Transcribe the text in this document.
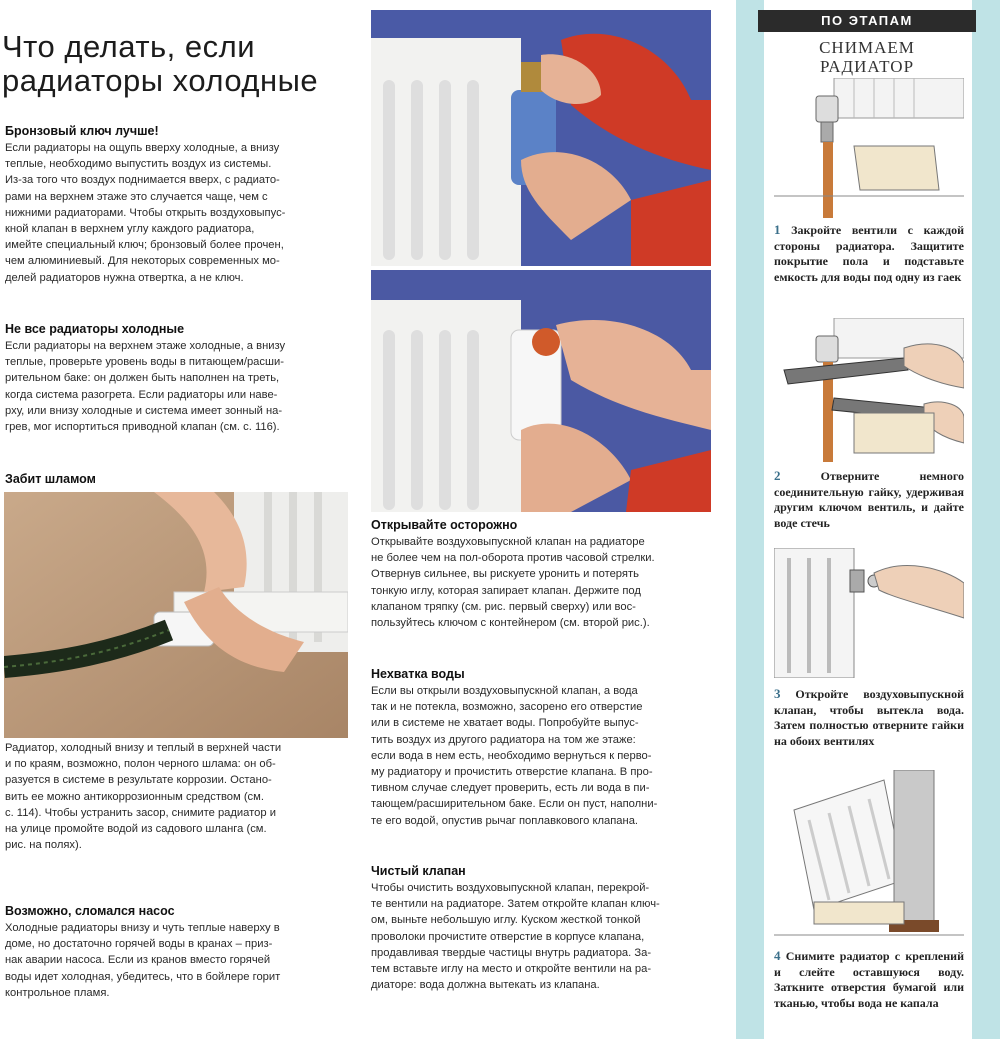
Что делать, если
радиаторы холодные
Бронзовый ключ лучше!
Если радиаторы на ощупь вверху холодные, а внизу
теплые, необходимо выпустить воздух из системы.
Из-за того что воздух поднимается вверх, с радиато-
рами на верхнем этаже это случается чаще, чем с
нижними радиаторами. Чтобы открыть воздуховыпус-
кной клапан в верхнем углу каждого радиатора,
имейте специальный ключ; бронзовый более прочен,
чем алюминиевый. Для некоторых современных мо-
делей радиаторов нужна отвертка, а не ключ.
Не все радиаторы холодные
Если радиаторы на верхнем этаже холодные, а внизу
теплые, проверьте уровень воды в питающем/расши-
рительном баке: он должен быть наполнен на треть,
когда система разогрета. Если радиаторы или наве-
рху, или внизу холодные и система имеет зонный на-
грев, мог испортиться приводной клапан (см. с. 116).
Забит шламом
Радиатор, холодный внизу и теплый в верхней части
и по краям, возможно, полон черного шлама: он об-
разуется в системе в результате коррозии. Остано-
вить ее можно антикоррозионным средством (см.
с. 114). Чтобы устранить засор, снимите радиатор и
на улице промойте водой из садового шланга (см.
рис. на полях).
Возможно, сломался насос
Холодные радиаторы внизу и чуть теплые наверху в
доме, но достаточно горячей воды в кранах – приз-
нак аварии насоса. Если из кранов вместо горячей
воды идет холодная, убедитесь, что в бойлере горит
контрольное пламя.
Открывайте осторожно
Открывайте воздуховыпускной клапан на радиаторе
не более чем на пол-оборота против часовой стрелки.
Отвернув сильнее, вы рискуете уронить и потерять
тонкую иглу, которая запирает клапан. Держите под
клапаном тряпку (см. рис. первый сверху) или вос-
пользуйтесь ключом с контейнером (см. второй рис.).
Нехватка воды
Если вы открыли воздуховыпускной клапан, а вода
так и не потекла, возможно, засорено его отверстие
или в системе не хватает воды. Попробуйте выпус-
тить воздух из другого радиатора на том же этаже:
если вода в нем есть, необходимо вернуться к перво-
му радиатору и прочистить отверстие клапана. В про-
тивном случае следует проверить, есть ли вода в пи-
тающем/расширительном баке. Если он пуст, наполни-
те его водой, опустив рычаг поплавкового клапана.
Чистый клапан
Чтобы очистить воздуховыпускной клапан, перекрой-
те вентили на радиаторе. Затем откройте клапан ключ-
ом, выньте небольшую иглу. Куском жесткой тонкой
проволоки прочистите отверстие в корпусе клапана,
продавливая твердые частицы внутрь радиатора. За-
тем вставьте иглу на место и откройте вентили на ра-
диаторе: вода должна вытекать из клапана.
ПО ЭТАПАМ
СНИМАЕМ
РАДИАТОР
1 Закройте вентили с каждой стороны радиатора. Защитите покрытие пола и подставьте емкость для воды под одну из гаек
2	Отверните немного соединительную гайку, удерживая другим ключом вентиль, и дайте воде стечь
3 Откройте воздуховыпускной клапан, чтобы вытекла вода. Затем полностью отверните гайки на обоих вентилях
4 Снимите радиатор с креплений и слейте оставшуюся воду. Заткните отверстия бумагой или тканью, чтобы вода не капала
